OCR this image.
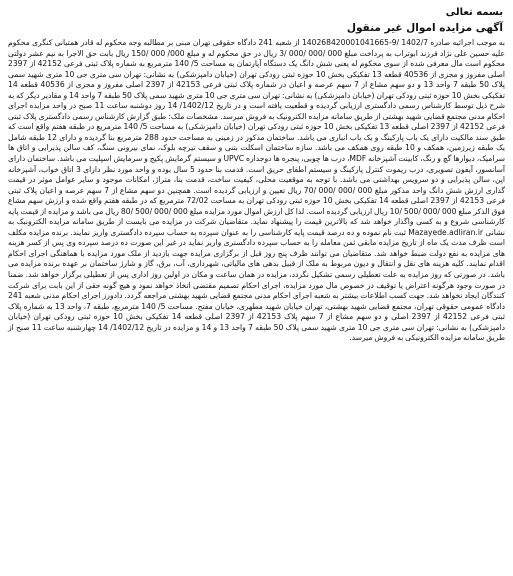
بسمه تعالی
آگهی مزایده اموال غیر منقول

به موجب اجرائیه صادره 1402/7 /9-140268420001041665 از شعبه 241 دادگاه حقوقی تهران مبنی بر مطالبه وجه محکوم له قادر همتیانی کنگری محکوم علیه حسین علی نژاد فرزند ابوتراب به پرداخت مبلغ 000 /000 /000 /3 ریال در حق محکوم له و مبلغ 000/ 000 /150 ریال بابت حق الاجرا به نیم عشر دولتی محکوم است مال معرفی شده از سوی محکوم له یعنی شش دانگ یک دستگاه آپارتمان به مساحت 5/ 140 مترمربع به شماره پلاک ثبتی فرعی 42152 از 2397 اصلی مفروز و مجزی از 40536 قطعه 13 تفکیکی بخش 10 حوزه ثبتی رودکی تهران (خیابان دامپزشکی) به نشانی: تهران سی متری جی 10 متری شهید سمی پلاک 50 طبقه 7 واحد 13 و دو سهم مشاع از 7 سهم عرصه و اعیان در شماره پلاک ثبتی فرعی 42153 از 2397 اصلی مفروز و مجزی از 40536 قطعه 14 تفکیکی بخش 10 حوزه ثبتی رودکی تهران (خیابان دامپزشکی) به نشانی: تهران سی متری جی 10 متری شهید سمی پلاک 50 طبقه 7 واحد 14 و مقادیر دیگر که به شرح ذیل توسط کارشناس رسمی دادگستری ارزیابی گردیده و قطعیت یافته است و در تاریخ 1402/12/ 14 روز دوشنبه ساعت 11 صبح در واحد مزایده اجرای احکام مدنی مجتمع قضایی شهید بهشتی از طریق سامانه مزایده الکترونیک به فروش میرسد. مشخصات ملک: طبق گزارش کارشناس رسمی دادگستری پلاک ثبتی فرعی 42152 از 2397 اصلی قطعه 13 تفکیکی بخش 10 حوزه ثبتی رودکی تهران (خیابان دامپزشکی) به مساحت 5/ 140 مترمربع در طبقه هفتم واقع است که طبق سند مالکیت دارای یک باب پارکینگ و یک باب انباری می باشد. ساختمان مذکور در زمینی به مساحت حدود 288 مترمربع بنا گردیده و دارای 12 طبقه شامل یک طبقه زیرزمین، همکف و 10 طبقه روی همکف می باشد. سازه ساختمان اسکلت بتنی و سقف تیرچه بلوک، نمای بیرونی سنگ، کف سالن پذیرایی و اتاق ها سرامیک، دیوارها گچ و رنگ، کابینت آشپزخانه MDF، درب ها چوبی، پنجره ها دوجداره UPVC و سیستم گرمایش پکیج و سرمایش اسپلیت می باشد. ساختمان دارای آسانسور، آیفون تصویری، درب ریموت کنترل پارکینگ و سیستم اطفای حریق است. قدمت بنا حدود 5 سال بوده و واحد مورد نظر دارای 3 اتاق خواب، آشپزخانه اپن، سالن پذیرایی و دو سرویس بهداشتی می باشد. با توجه به موقعیت محلی، کیفیت ساخت، قدمت بنا، متراژ، امکانات موجود و سایر عوامل موثر در قیمت گذاری ارزش شش دانگ واحد مذکور مبلغ 000 /000 /000 /70 ریال تعیین و ارزیابی گردیده است. همچنین دو سهم مشاع از 7 سهم عرصه و اعیان پلاک ثبتی فرعی 42153 از 2397 اصلی قطعه 14 تفکیکی بخش 10 حوزه ثبتی رودکی تهران به مساحت 72/02 مترمربع که در طبقه هفتم واقع شده و ارزش سهم مشاع فوق الذکر مبلغ 000 /000 /500 /10 ریال ارزیابی گردیده است. لذا کل ارزش اموال مورد مزایده مبلغ 000 /000 /500 /80 ریال می باشد و مزایده از قیمت پایه کارشناسی شروع و به کسی واگذار خواهد شد که بالاترین قیمت را پیشنهاد نماید. متقاضیان شرکت در مزایده می بایست از طریق سامانه مزایده الکترونیک به نشانی Mazayede.adliran.ir ثبت نام نموده و ده درصد قیمت پایه کارشناسی را به عنوان سپرده به حساب سپرده دادگستری واریز نمایند. برنده مزایده مکلف است ظرف مدت یک ماه از تاریخ مزایده مابقی ثمن معامله را به حساب سپرده دادگستری واریز نماید در غیر این صورت ده درصد سپرده وی پس از کسر هزینه های مزایده به نفع دولت ضبط خواهد شد. متقاضیان می توانند ظرف پنج روز قبل از برگزاری مزایده جهت بازدید از ملک مورد مزایده با هماهنگی اجرای احکام اقدام نمایند. کلیه هزینه های نقل و انتقال و دیون مربوط به ملک از قبیل بدهی های مالیاتی، شهرداری، آب، برق، گاز و شارژ ساختمان بر عهده برنده مزایده می باشد. در صورتی که روز مزایده به علت تعطیلی رسمی تشکیل نگردد، مزایده در همان ساعت و مکان در اولین روز اداری پس از تعطیلی برگزار خواهد شد. ضمنا در صورت وجود هرگونه اعتراض یا توقیف در خصوص مال مورد مزایده، اجرای احکام تصمیم مقتضی اتخاذ خواهد نمود و هیچ گونه حقی از این بابت برای شرکت کنندگان ایجاد نخواهد شد. جهت کسب اطلاعات بیشتر به شعبه اجرای احکام مدنی مجتمع قضایی شهید بهشتی مراجعه گردد. دادورز اجرای احکام مدنی شعبه 241 دادگاه عمومی حقوقی تهران، مجتمع قضایی شهید بهشتی، تهران خیابان شهید مطهری، خیابان مفتح. مساحت 5/ 140 مترمربع، طبقه 7، واحد 13 به شماره پلاک ثبتی فرعی 42152 از 2397 اصلی و دو سهم مشاع از 7 سهم پلاک 42153 از 2397 اصلی قطعه 14 تفکیکی بخش 10 حوزه ثبتی رودکی تهران (خیابان دامپزشکی) به نشانی: تهران سی متری جی 10 متری شهید سمی پلاک 50 طبقه 7 واحد 13 و 14 و مزایده در تاریخ 1402/12/ 14 چهارشنبه ساعت 11 صبح از طریق سامانه مزایده الکترونیکی به فروش میرسد.
